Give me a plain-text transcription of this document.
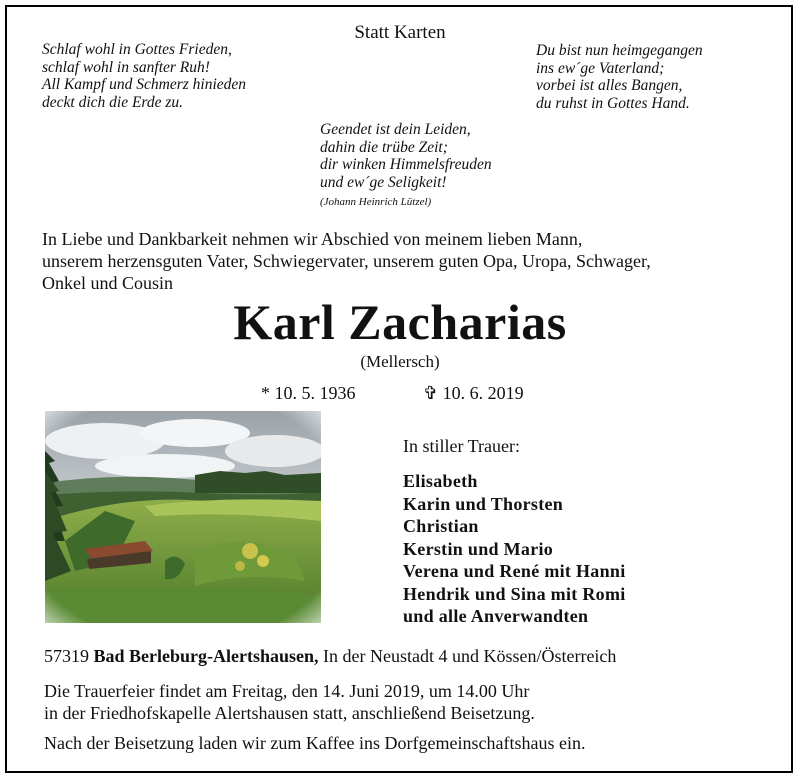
Statt Karten
Schlaf wohl in Gottes Frieden,
schlaf wohl in sanfter Ruh!
All Kampf und Schmerz hinieden
deckt dich die Erde zu.
Du bist nun heimgegangen
ins ew´ge Vaterland;
vorbei ist alles Bangen,
du ruhst in Gottes Hand.
Geendet ist dein Leiden,
dahin die trübe Zeit;
dir winken Himmelsfreuden
und ew´ge Seligkeit!
(Johann Heinrich Lützel)
In Liebe und Dankbarkeit nehmen wir Abschied von meinem lieben Mann,
unserem herzensguten Vater, Schwiegervater, unserem guten Opa, Uropa, Schwager,
Onkel und Cousin
Karl Zacharias
(Mellersch)
* 10. 5. 1936	✞ 10. 6. 2019
In stiller Trauer:
Elisabeth
Karin und Thorsten
Christian
Kerstin und Mario
Verena und René mit Hanni
Hendrik und Sina mit Romi
und alle Anverwandten
57319 Bad Berleburg-Alertshausen, In der Neustadt 4 und Kössen/Österreich
Die Trauerfeier findet am Freitag, den 14. Juni 2019, um 14.00 Uhr
in der Friedhofskapelle Alertshausen statt, anschließend Beisetzung.
Nach der Beisetzung laden wir zum Kaffee ins Dorfgemeinschaftshaus ein.
